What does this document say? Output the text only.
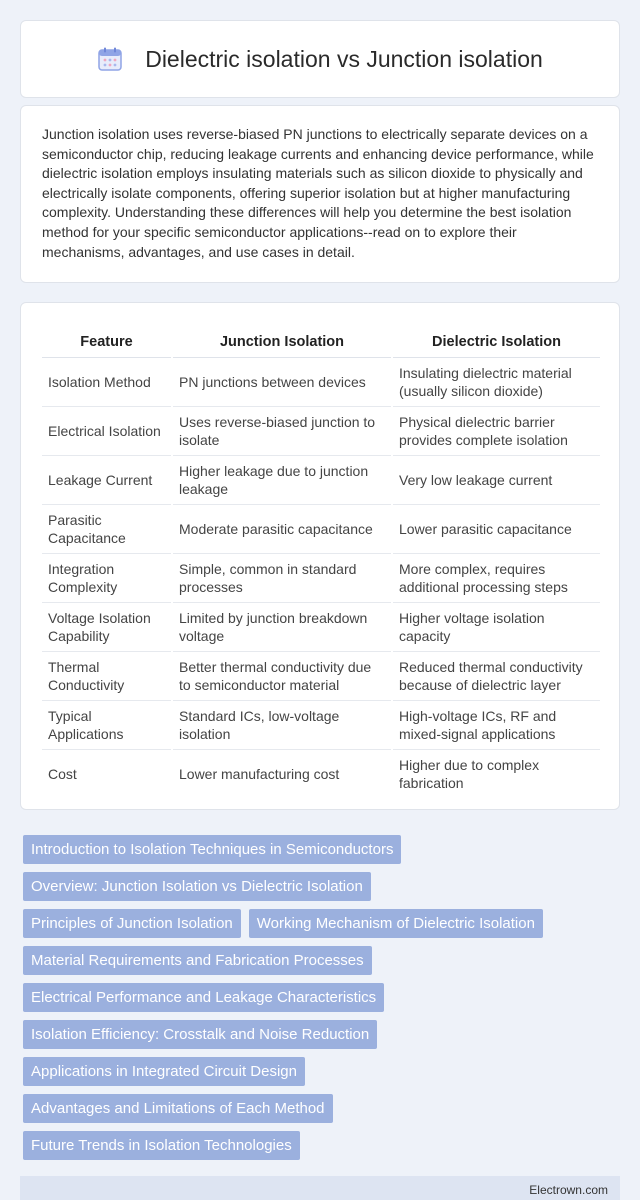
Dielectric isolation vs Junction isolation

Junction isolation uses reverse-biased PN junctions to electrically separate devices on a semiconductor chip, reducing leakage currents and enhancing device performance, while dielectric isolation employs insulating materials such as silicon dioxide to physically and electrically isolate components, offering superior isolation but at higher manufacturing complexity. Understanding these differences will help you determine the best isolation method for your specific semiconductor applications--read on to explore their mechanisms, advantages, and use cases in detail.

Feature	Junction Isolation	Dielectric Isolation
Isolation Method	PN junctions between devices	Insulating dielectric material (usually silicon dioxide)
Electrical Isolation	Uses reverse-biased junction to isolate	Physical dielectric barrier provides complete isolation
Leakage Current	Higher leakage due to junction leakage	Very low leakage current
Parasitic Capacitance	Moderate parasitic capacitance	Lower parasitic capacitance
Integration Complexity	Simple, common in standard processes	More complex, requires additional processing steps
Voltage Isolation Capability	Limited by junction breakdown voltage	Higher voltage isolation capacity
Thermal Conductivity	Better thermal conductivity due to semiconductor material	Reduced thermal conductivity because of dielectric layer
Typical Applications	Standard ICs, low-voltage isolation	High-voltage ICs, RF and mixed-signal applications
Cost	Lower manufacturing cost	Higher due to complex fabrication
Introduction to Isolation Techniques in Semiconductors
Overview: Junction Isolation vs Dielectric Isolation
Principles of Junction Isolation	Working Mechanism of Dielectric Isolation
Material Requirements and Fabrication Processes
Electrical Performance and Leakage Characteristics
Isolation Efficiency: Crosstalk and Noise Reduction
Applications in Integrated Circuit Design
Advantages and Limitations of Each Method
Future Trends in Isolation Technologies
Electrown.com
